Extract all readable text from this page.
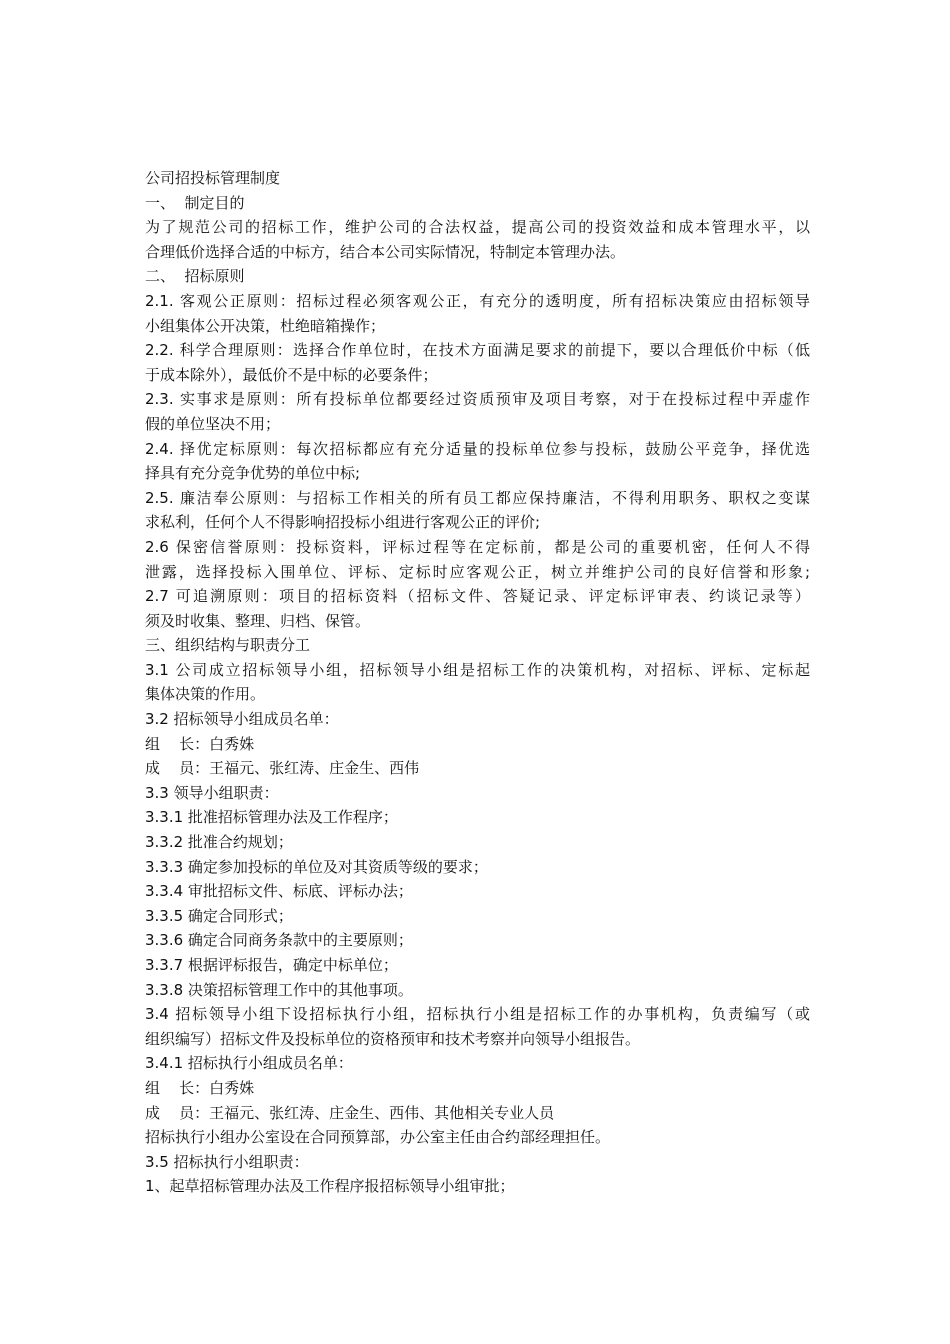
公司招投标管理制度
一、  制定目的
为了规范公司的招标工作，维护公司的合法权益，提高公司的投资效益和成本管理水平，以
合理低价选择合适的中标方，结合本公司实际情况，特制定本管理办法。
二、  招标原则
2.1. 客观公正原则：招标过程必须客观公正，有充分的透明度，所有招标决策应由招标领导
小组集体公开决策，杜绝暗箱操作；
2.2. 科学合理原则：选择合作单位时，在技术方面满足要求的前提下，要以合理低价中标（低
于成本除外），最低价不是中标的必要条件；
2.3. 实事求是原则：所有投标单位都要经过资质预审及项目考察，对于在投标过程中弄虚作
假的单位坚决不用；
2.4. 择优定标原则：每次招标都应有充分适量的投标单位参与投标，鼓励公平竞争，择优选
择具有充分竞争优势的单位中标;
2.5. 廉洁奉公原则：与招标工作相关的所有员工都应保持廉洁，不得利用职务、职权之变谋
求私利，任何个人不得影响招投标小组进行客观公正的评价;
2.6 保密信誉原则：投标资料，评标过程等在定标前，都是公司的重要机密，任何人不得
泄露，选择投标入围单位、评标、定标时应客观公正，树立并维护公司的良好信誉和形象;
2.7 可追溯原则：项目的招标资料（招标文件、答疑记录、评定标评审表、约谈记录等）
须及时收集、整理、归档、保管。
三、组织结构与职责分工
3.1 公司成立招标领导小组，招标领导小组是招标工作的决策机构，对招标、评标、定标起
集体决策的作用。
3.2 招标领导小组成员名单：
组    长：白秀姝
成    员：王福元、张红涛、庄金生、西伟
3.3 领导小组职责：
3.3.1 批准招标管理办法及工作程序；
3.3.2 批准合约规划；
3.3.3 确定参加投标的单位及对其资质等级的要求；
3.3.4 审批招标文件、标底、评标办法；
3.3.5 确定合同形式；
3.3.6 确定合同商务条款中的主要原则；
3.3.7 根据评标报告，确定中标单位；
3.3.8 决策招标管理工作中的其他事项。
3.4 招标领导小组下设招标执行小组，招标执行小组是招标工作的办事机构，负责编写（或
组织编写）招标文件及投标单位的资格预审和技术考察并向领导小组报告。
3.4.1 招标执行小组成员名单：
组    长：白秀姝
成    员：王福元、张红涛、庄金生、西伟、其他相关专业人员
招标执行小组办公室设在合同预算部，办公室主任由合约部经理担任。
3.5 招标执行小组职责：
1、起草招标管理办法及工作程序报招标领导小组审批；
